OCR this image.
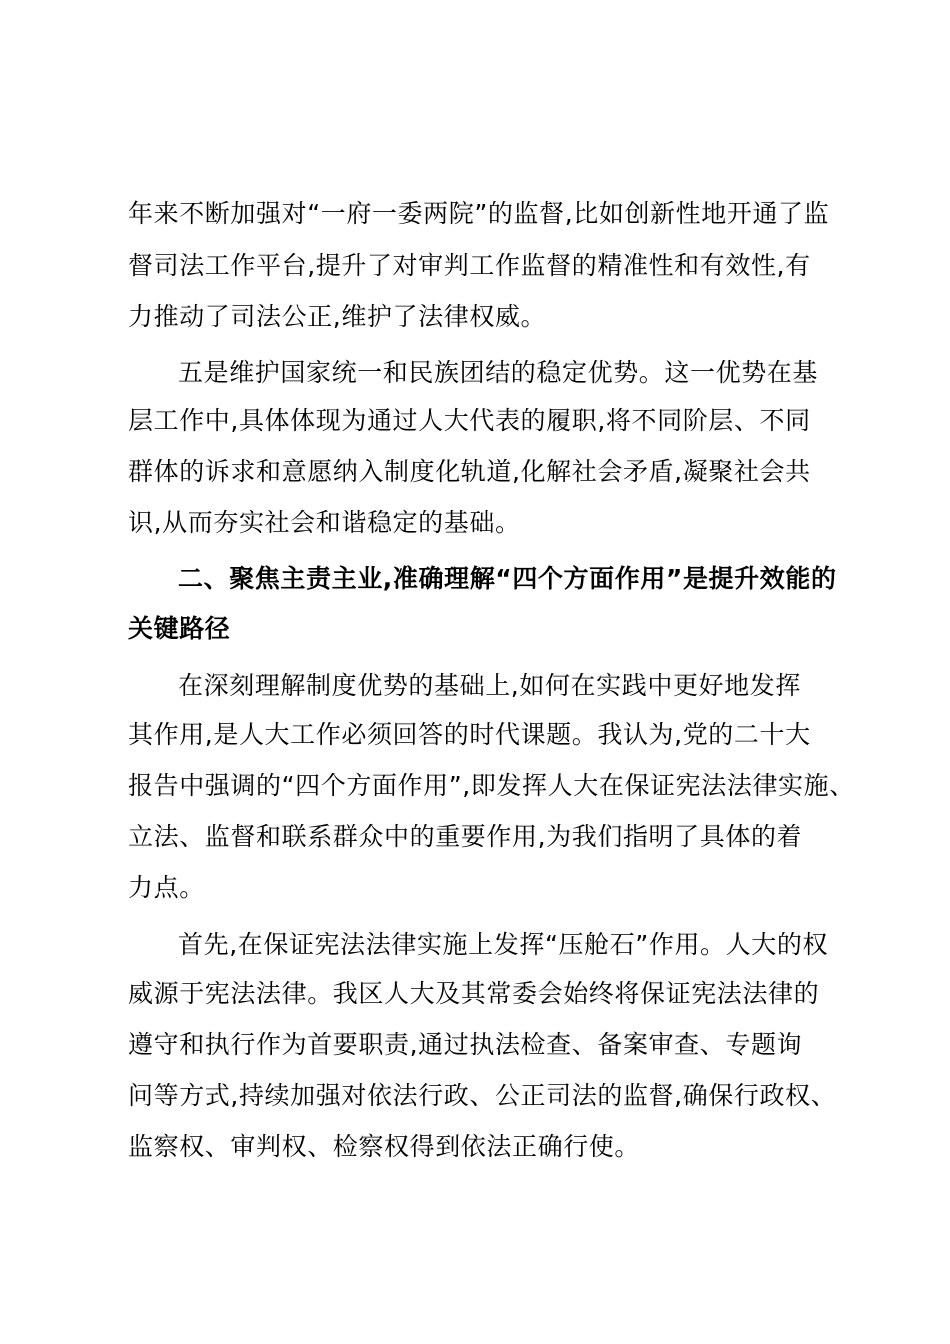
年来不断加强对“一府一委两院”的监督,比如创新性地开通了监
督司法工作平台,提升了对审判工作监督的精准性和有效性,有
力推动了司法公正,维护了法律权威。
五是维护国家统一和民族团结的稳定优势。这一优势在基
层工作中,具体体现为通过人大代表的履职,将不同阶层、不同
群体的诉求和意愿纳入制度化轨道,化解社会矛盾,凝聚社会共
识,从而夯实社会和谐稳定的基础。
二、聚焦主责主业,准确理解“四个方面作用”是提升效能的
关键路径
在深刻理解制度优势的基础上,如何在实践中更好地发挥
其作用,是人大工作必须回答的时代课题。我认为,党的二十大
报告中强调的“四个方面作用”,即发挥人大在保证宪法法律实施、
立法、监督和联系群众中的重要作用,为我们指明了具体的着
力点。
首先,在保证宪法法律实施上发挥“压舱石”作用。人大的权
威源于宪法法律。我区人大及其常委会始终将保证宪法法律的
遵守和执行作为首要职责,通过执法检查、备案审查、专题询
问等方式,持续加强对依法行政、公正司法的监督,确保行政权、
监察权、审判权、检察权得到依法正确行使。
